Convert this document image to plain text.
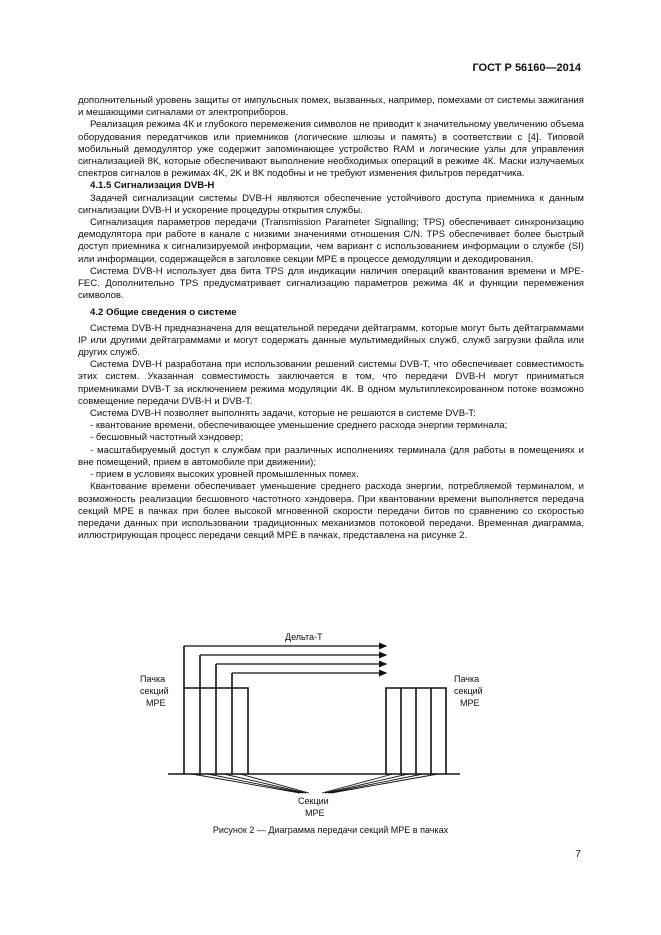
ГОСТ Р 56160—2014

дополнительный уровень защиты от импульсных помех, вызванных, например, помехами от системы зажигания и мешающими сигналами от электроприборов.

Реализация режима 4К и глубокого перемежения символов не приводит к значительному увеличению объема оборудования передатчиков или приемников (логические шлюзы и память) в соответствии с [4]. Типовой мобильный демодулятор уже содержит запоминающее устройство RAM и логические узлы для управления сигнализацией 8К, которые обеспечивают выполнение необходимых операций в режиме 4К. Маски излучаемых спектров сигналов в режимах 4K, 2K и 8K подобны и не требуют изменения фильтров передатчика.

4.1.5 Сигнализация DVB-H

Задачей сигнализации системы DVB-H являются обеспечение устойчивого доступа приемника к данным сигнализации DVB-H и ускорение процедуры открытия службы.

Сигнализация параметров передачи (Transmission Parameter Signalling; TPS) обеспечивает синхронизацию демодулятора при работе в канале с низкими значениями отношения C/N. TPS обеспечивает более быстрый доступ приемника к сигнализируемой информации, чем вариант с использованием информации о службе (SI) или информации, содержащейся в заголовке секции МРЕ в процессе демодуляции и декодирования.

Система DVB-H использует два бита TPS для индикации наличия операций квантования времени и MPE-FEC. Дополнительно TPS предусматривает сигнализацию параметров режима 4К и функции перемежения символов.

4.2 Общие сведения о системе

Система DVB-H предназначена для вещательной передачи дейтаграмм, которые могут быть дейтаграммами IP или другими дейтаграммами и могут содержать данные мультимедийных служб, служб загрузки файла или других служб.

Система DVB-H разработана при использовании решений системы DVB-T, что обеспечивает совместимость этих систем. Указанная совместимость заключается в том, что передачи DVB-H могут приниматься приемниками DVB-T за исключением режима модуляции 4К. В одном мультиплексированном потоке возможно совмещение передачи DVB-H и DVB-T.

Система DVB-H позволяет выполнять задачи, которые не решаются в системе DVB-T:

- квантование времени, обеспечивающее уменьшение среднего расхода энергии терминала;

- бесшовный частотный хэндовер;

- масштабируемый доступ к службам при различных исполнениях терминала (для работы в помещениях и вне помещений, прием в автомобиле при движении);

- прием в условиях высоких уровней промышленных помех.

Квантование времени обеспечивает уменьшение среднего расхода энергии, потребляемой терминалом, и возможность реализации бесшовного частотного хэндовера. При квантовании времени выполняется передача секций МРЕ в пачках при более высокой мгновенной скорости передачи битов по сравнению со скоростью передачи данных при использовании традиционных механизмов потоковой передачи. Временная диаграмма, иллюстрирующая процесс передачи секций МРЕ в пачках, представлена на рисунке 2.

Дельта-Т
Пачка
секций
МРЕ
Пачка
секций
МРЕ
Секции
МРЕ
Рисунок 2 — Диаграмма передачи секций МРЕ в пачках
7
